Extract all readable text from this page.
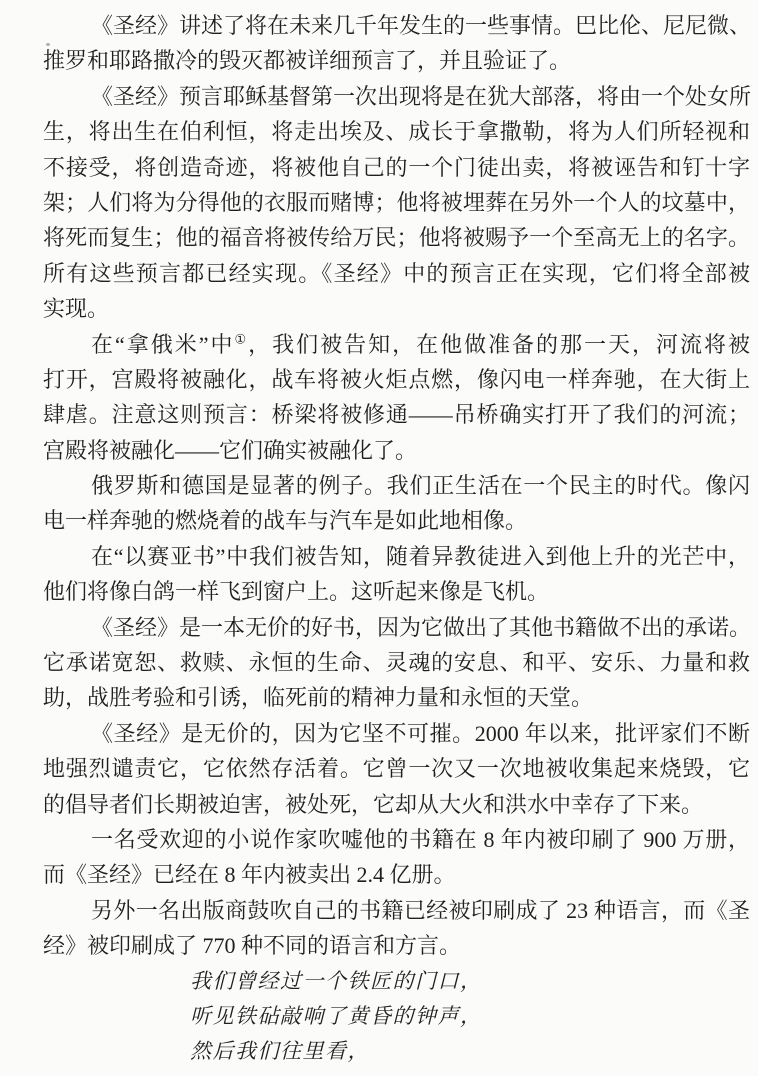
《圣经》讲述了将在未来几千年发生的一些事情。巴比伦、尼尼微、
推罗和耶路撒冷的毁灭都被详细预言了，并且验证了。
《圣经》预言耶稣基督第一次出现将是在犹大部落，将由一个处女所
生，将出生在伯利恒，将走出埃及、成长于拿撒勒，将为人们所轻视和
不接受，将创造奇迹，将被他自己的一个门徒出卖，将被诬告和钉十字
架；人们将为分得他的衣服而赌博；他将被埋葬在另外一个人的坟墓中，
将死而复生；他的福音将被传给万民；他将被赐予一个至高无上的名字。
所有这些预言都已经实现。《圣经》中的预言正在实现，它们将全部被
实现。
在“拿俄米”中①，我们被告知，在他做准备的那一天，河流将被
打开，宫殿将被融化，战车将被火炬点燃，像闪电一样奔驰，在大街上
肆虐。注意这则预言：桥梁将被修通——吊桥确实打开了我们的河流；
宫殿将被融化——它们确实被融化了。
俄罗斯和德国是显著的例子。我们正生活在一个民主的时代。像闪
电一样奔驰的燃烧着的战车与汽车是如此地相像。
在“以赛亚书”中我们被告知，随着异教徒进入到他上升的光芒中，
他们将像白鸽一样飞到窗户上。这听起来像是飞机。
《圣经》是一本无价的好书，因为它做出了其他书籍做不出的承诺。
它承诺宽恕、救赎、永恒的生命、灵魂的安息、和平、安乐、力量和救
助，战胜考验和引诱，临死前的精神力量和永恒的天堂。
《圣经》是无价的，因为它坚不可摧。2000 年以来，批评家们不断
地强烈谴责它，它依然存活着。它曾一次又一次地被收集起来烧毁，它
的倡导者们长期被迫害，被处死，它却从大火和洪水中幸存了下来。
一名受欢迎的小说作家吹嘘他的书籍在 8 年内被印刷了 900 万册，
而《圣经》已经在 8 年内被卖出 2.4 亿册。
另外一名出版商鼓吹自己的书籍已经被印刷成了 23 种语言，而《圣
经》被印刷成了 770 种不同的语言和方言。
我们曾经过一个铁匠的门口，
听见铁砧敲响了黄昏的钟声，
然后我们往里看，
